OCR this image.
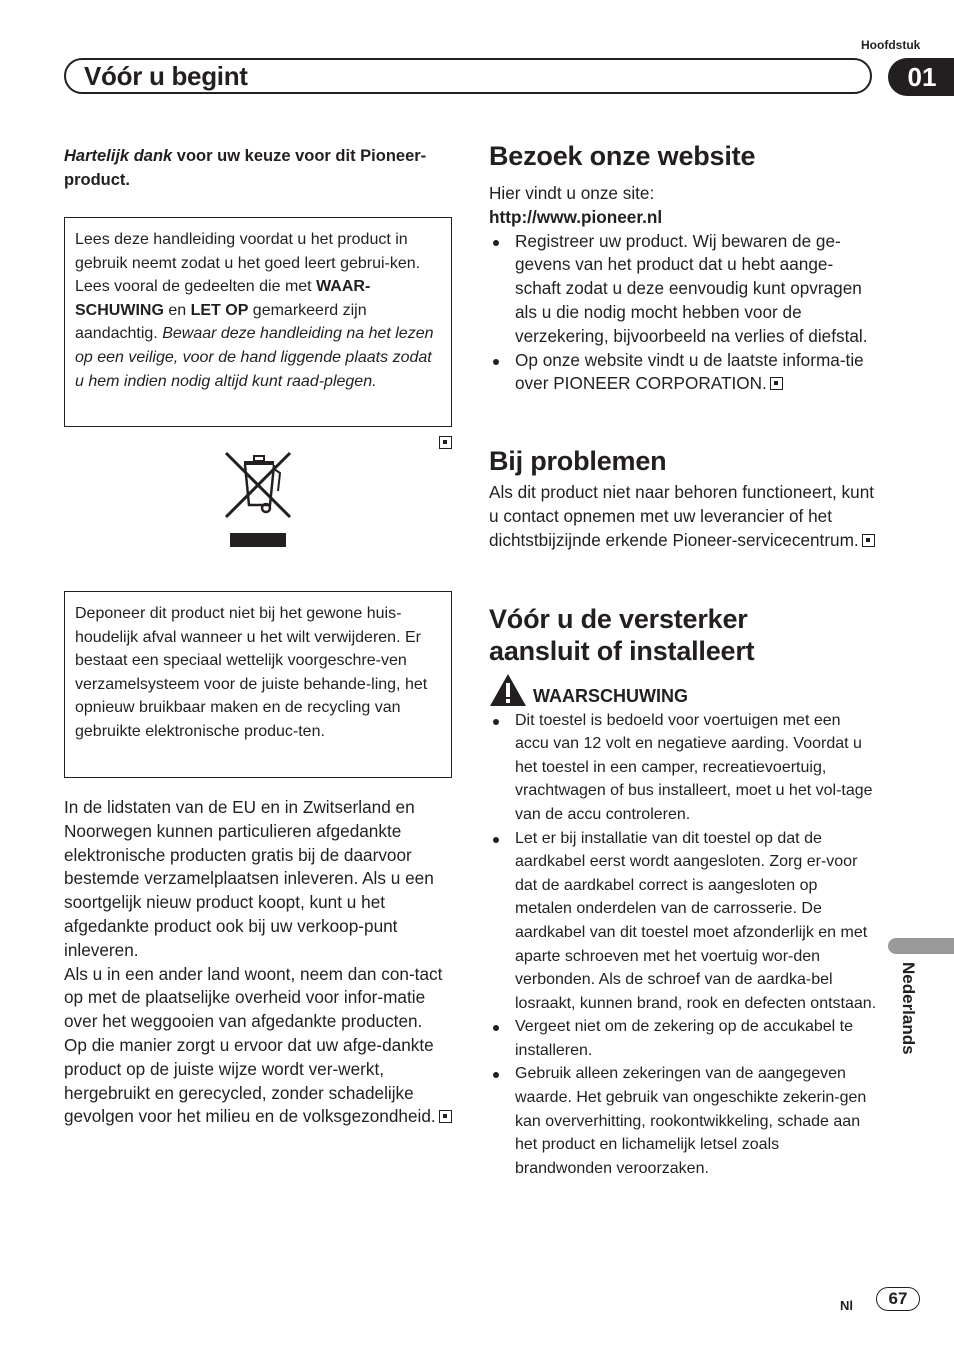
Hoofdstuk
Vóór u begint	01

Hartelijk dank voor uw keuze voor dit Pioneer-product.

Lees deze handleiding voordat u het product in gebruik neemt zodat u het goed leert gebrui-ken. Lees vooral de gedeelten die met WAAR-SCHUWING en LET OP gemarkeerd zijn aandachtig. Bewaar deze handleiding na het lezen op een veilige, voor de hand liggende plaats zodat u hem indien nodig altijd kunt raad-plegen.
Deponeer dit product niet bij het gewone huis-houdelijk afval wanneer u het wilt verwijderen. Er bestaat een speciaal wettelijk voorgeschre-ven verzamelsysteem voor de juiste behande-ling, het opnieuw bruikbaar maken en de recycling van gebruikte elektronische produc-ten.

In de lidstaten van de EU en in Zwitserland en Noorwegen kunnen particulieren afgedankte elektronische producten gratis bij de daarvoor bestemde verzamelplaatsen inleveren. Als u een soortgelijk nieuw product koopt, kunt u het afgedankte product ook bij uw verkoop-punt inleveren.

Als u in een ander land woont, neem dan con-tact op met de plaatselijke overheid voor infor-matie over het weggooien van afgedankte producten.

Op die manier zorgt u ervoor dat uw afge-dankte product op de juiste wijze wordt ver-werkt, hergebruikt en gerecycled, zonder schadelijke gevolgen voor het milieu en de volksgezondheid.

Bezoek onze website
Hier vindt u onze site:
http://www.pioneer.nl
Registreer uw product. Wij bewaren de ge-gevens van het product dat u hebt aange-schaft zodat u deze eenvoudig kunt opvragen als u die nodig mocht hebben voor de verzekering, bijvoorbeeld na verlies of diefstal.
Op onze website vindt u de laatste informa-tie over PIONEER CORPORATION.
Bij problemen

Als dit product niet naar behoren functioneert, kunt u contact opnemen met uw leverancier of het dichtstbijzijnde erkende Pioneer-servicecentrum.

Vóór u de versterker
aansluit of installeert
WAARSCHUWING
Dit toestel is bedoeld voor voertuigen met een accu van 12 volt en negatieve aarding. Voordat u het toestel in een camper, recreatievoertuig, vrachtwagen of bus installeert, moet u het vol-tage van de accu controleren.
Let er bij installatie van dit toestel op dat de aardkabel eerst wordt aangesloten. Zorg er-voor dat de aardkabel correct is aangesloten op metalen onderdelen van de carrosserie. De aardkabel van dit toestel moet afzonderlijk en met aparte schroeven met het voertuig wor-den verbonden. Als de schroef van de aardka-bel losraakt, kunnen brand, rook en defecten ontstaan.
Vergeet niet om de zekering op de accukabel te installeren.
Gebruik alleen zekeringen van de aangegeven waarde. Het gebruik van ongeschikte zekerin-gen kan oververhitting, rookontwikkeling, schade aan het product en lichamelijk letsel zoals brandwonden veroorzaken.
Nederlands
Nl	67
